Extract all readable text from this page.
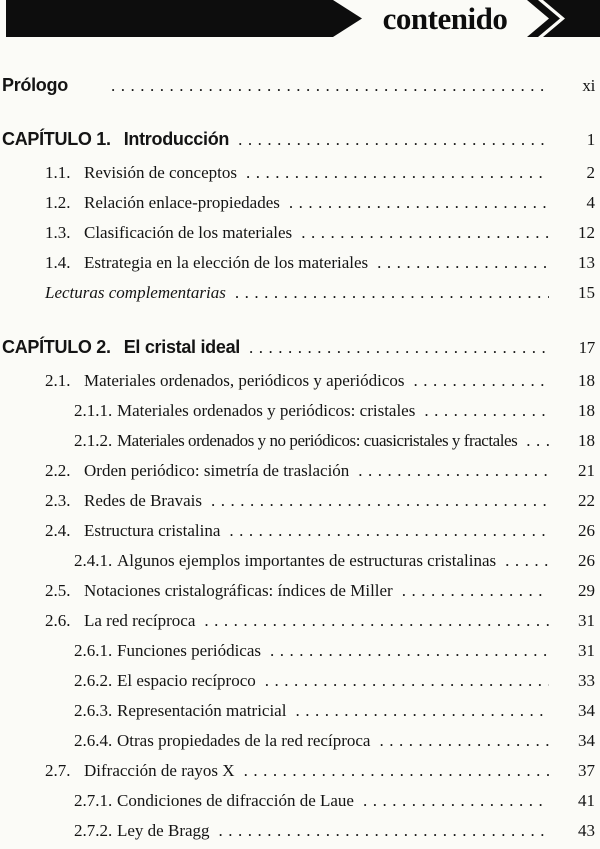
contenido
Prólogo .....	xi
CAPÍTULO 1. Introducción .....	1
1.1. Revisión de conceptos .....	2
1.2. Relación enlace-propiedades .....	4
1.3. Clasificación de los materiales .....	12
1.4. Estrategia en la elección de los materiales .....	13
Lecturas complementarias .....	15
CAPÍTULO 2. El cristal ideal .....	17
2.1. Materiales ordenados, periódicos y aperiódicos .....	18
2.1.1. Materiales ordenados y periódicos: cristales .....	18
2.1.2. Materiales ordenados y no periódicos: cuasicristales y fractales .....	18
2.2. Orden periódico: simetría de traslación .....	21
2.3. Redes de Bravais .....	22
2.4. Estructura cristalina .....	26
2.4.1. Algunos ejemplos importantes de estructuras cristalinas .....	26
2.5. Notaciones cristalográficas: índices de Miller .....	29
2.6. La red recíproca .....	31
2.6.1. Funciones periódicas .....	31
2.6.2. El espacio recíproco .....	33
2.6.3. Representación matricial .....	34
2.6.4. Otras propiedades de la red recíproca .....	34
2.7. Difracción de rayos X .....	37
2.7.1. Condiciones de difracción de Laue .....	41
2.7.2. Ley de Bragg .....	43
